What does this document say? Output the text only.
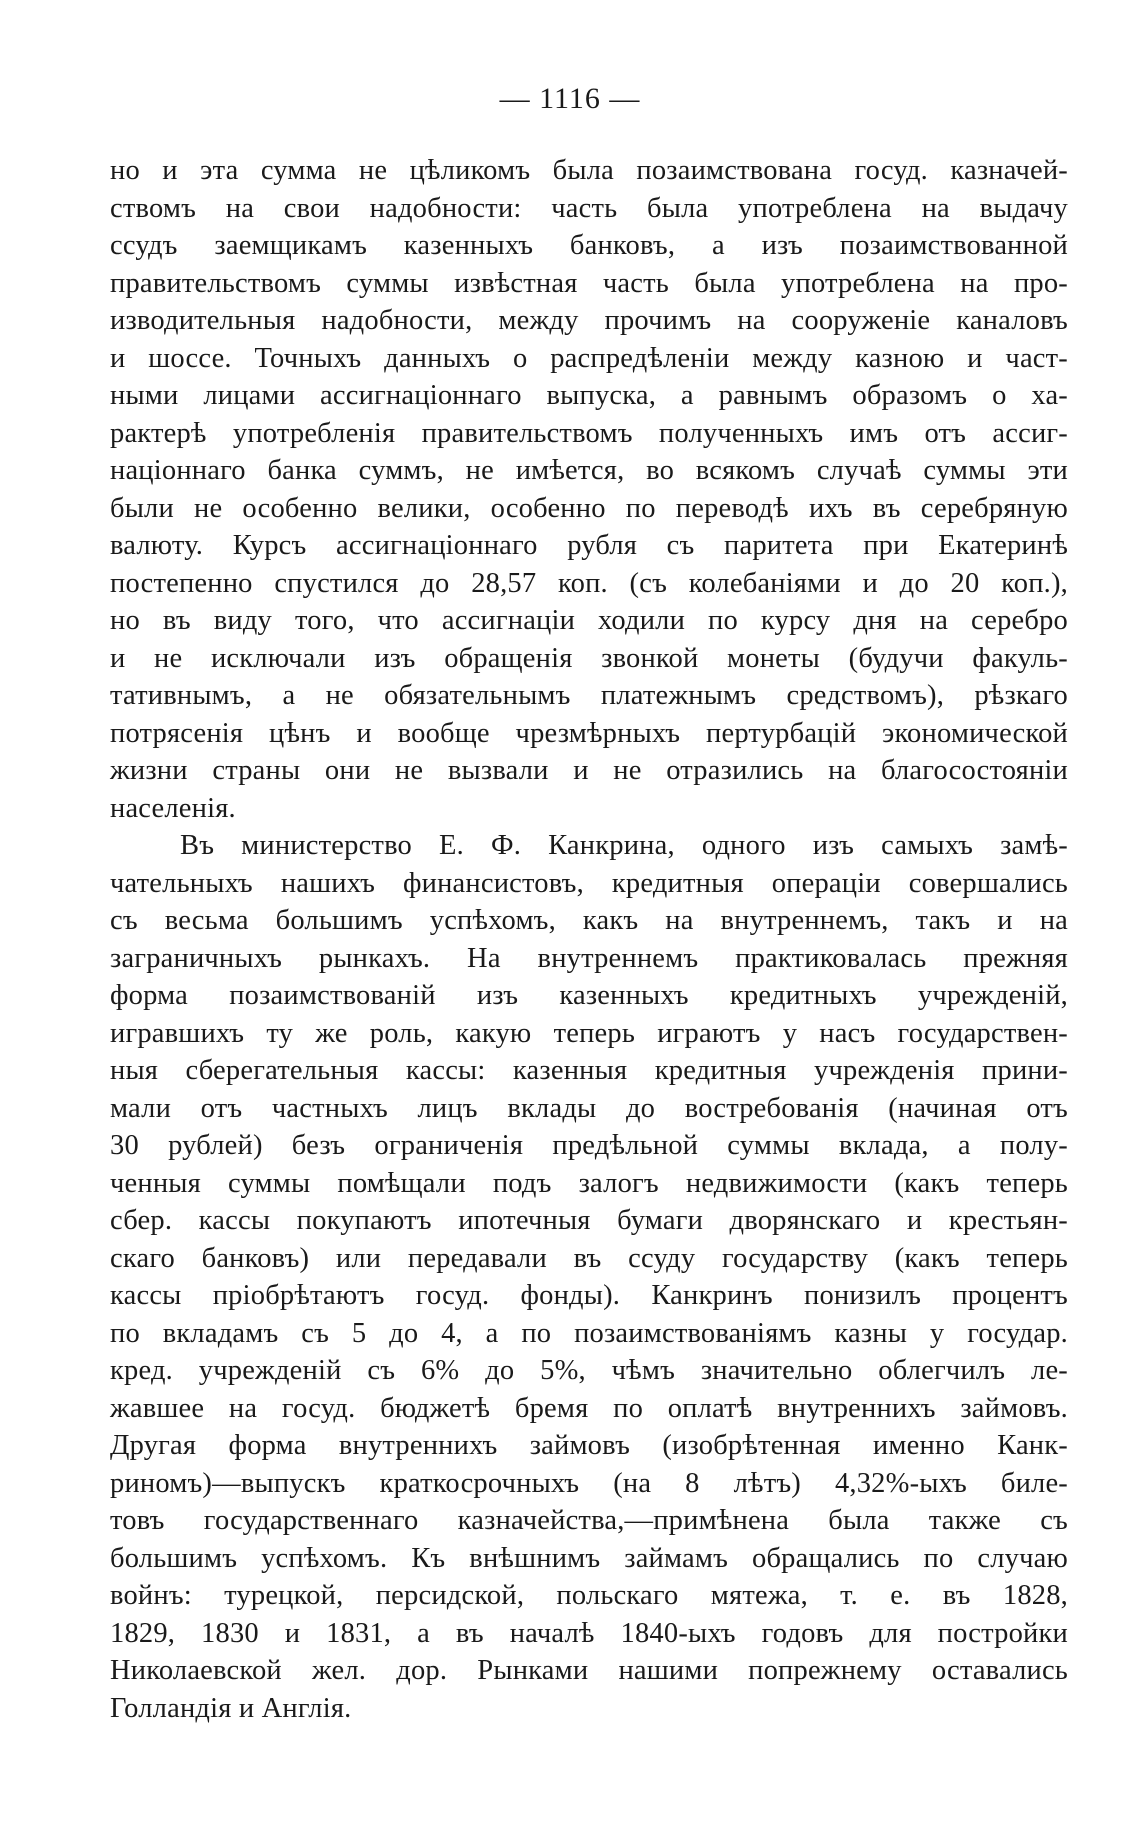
— 1116 —
но и эта сумма не цѣликомъ была позаимствована госуд. казначей-
ствомъ на свои надобности: часть была употреблена на выдачу
ссудъ заемщикамъ казенныхъ банковъ, а изъ позаимствованной
правительствомъ суммы извѣстная часть была употреблена на про-
изводительныя надобности, между прочимъ на сооруженіе каналовъ
и шоссе. Точныхъ данныхъ о распредѣленіи между казною и част-
ными лицами ассигнаціоннаго выпуска, а равнымъ образомъ о ха-
рактерѣ употребленія правительствомъ полученныхъ имъ отъ ассиг-
націоннаго банка суммъ, не имѣется, во всякомъ случаѣ суммы эти
были не особенно велики, особенно по переводѣ ихъ въ серебряную
валюту. Курсъ ассигнаціоннаго рубля съ паритета при Екатеринѣ
постепенно спустился до 28,57 коп. (съ колебаніями и до 20 коп.),
но въ виду того, что ассигнаціи ходили по курсу дня на серебро
и не исключали изъ обращенія звонкой монеты (будучи факуль-
тативнымъ, а не обязательнымъ платежнымъ средствомъ), рѣзкаго
потрясенія цѣнъ и вообще чрезмѣрныхъ пертурбацій экономической
жизни страны они не вызвали и не отразились на благосостояніи
населенія.
Въ министерство Е. Ф. Канкрина, одного изъ самыхъ замѣ-
чательныхъ нашихъ финансистовъ, кредитныя операціи совершались
съ весьма большимъ успѣхомъ, какъ на внутреннемъ, такъ и на
заграничныхъ рынкахъ. На внутреннемъ практиковалась прежняя
форма позаимствованій изъ казенныхъ кредитныхъ учрежденій,
игравшихъ ту же роль, какую теперь играютъ у насъ государствен-
ныя сберегательныя кассы: казенныя кредитныя учрежденія прини-
мали отъ частныхъ лицъ вклады до востребованія (начиная отъ
30 рублей) безъ ограниченія предѣльной суммы вклада, а полу-
ченныя суммы помѣщали подъ залогъ недвижимости (какъ теперь
сбер. кассы покупаютъ ипотечныя бумаги дворянскаго и крестьян-
скаго банковъ) или передавали въ ссуду государству (какъ теперь
кассы пріобрѣтаютъ госуд. фонды). Канкринъ понизилъ процентъ
по вкладамъ съ 5 до 4, а по позаимствованіямъ казны у государ.
кред. учрежденій съ 6% до 5%, чѣмъ значительно облегчилъ ле-
жавшее на госуд. бюджетѣ бремя по оплатѣ внутреннихъ займовъ.
Другая форма внутреннихъ займовъ (изобрѣтенная именно Канк-
риномъ)—выпускъ краткосрочныхъ (на 8 лѣтъ) 4,32%-ыхъ биле-
товъ государственнаго казначейства,—примѣнена была также съ
большимъ успѣхомъ. Къ внѣшнимъ займамъ обращались по случаю
войнъ: турецкой, персидской, польскаго мятежа, т. е. въ 1828,
1829, 1830 и 1831, а въ началѣ 1840-ыхъ годовъ для постройки
Николаевской жел. дор. Рынками нашими попрежнему оставались
Голландія и Англія.
